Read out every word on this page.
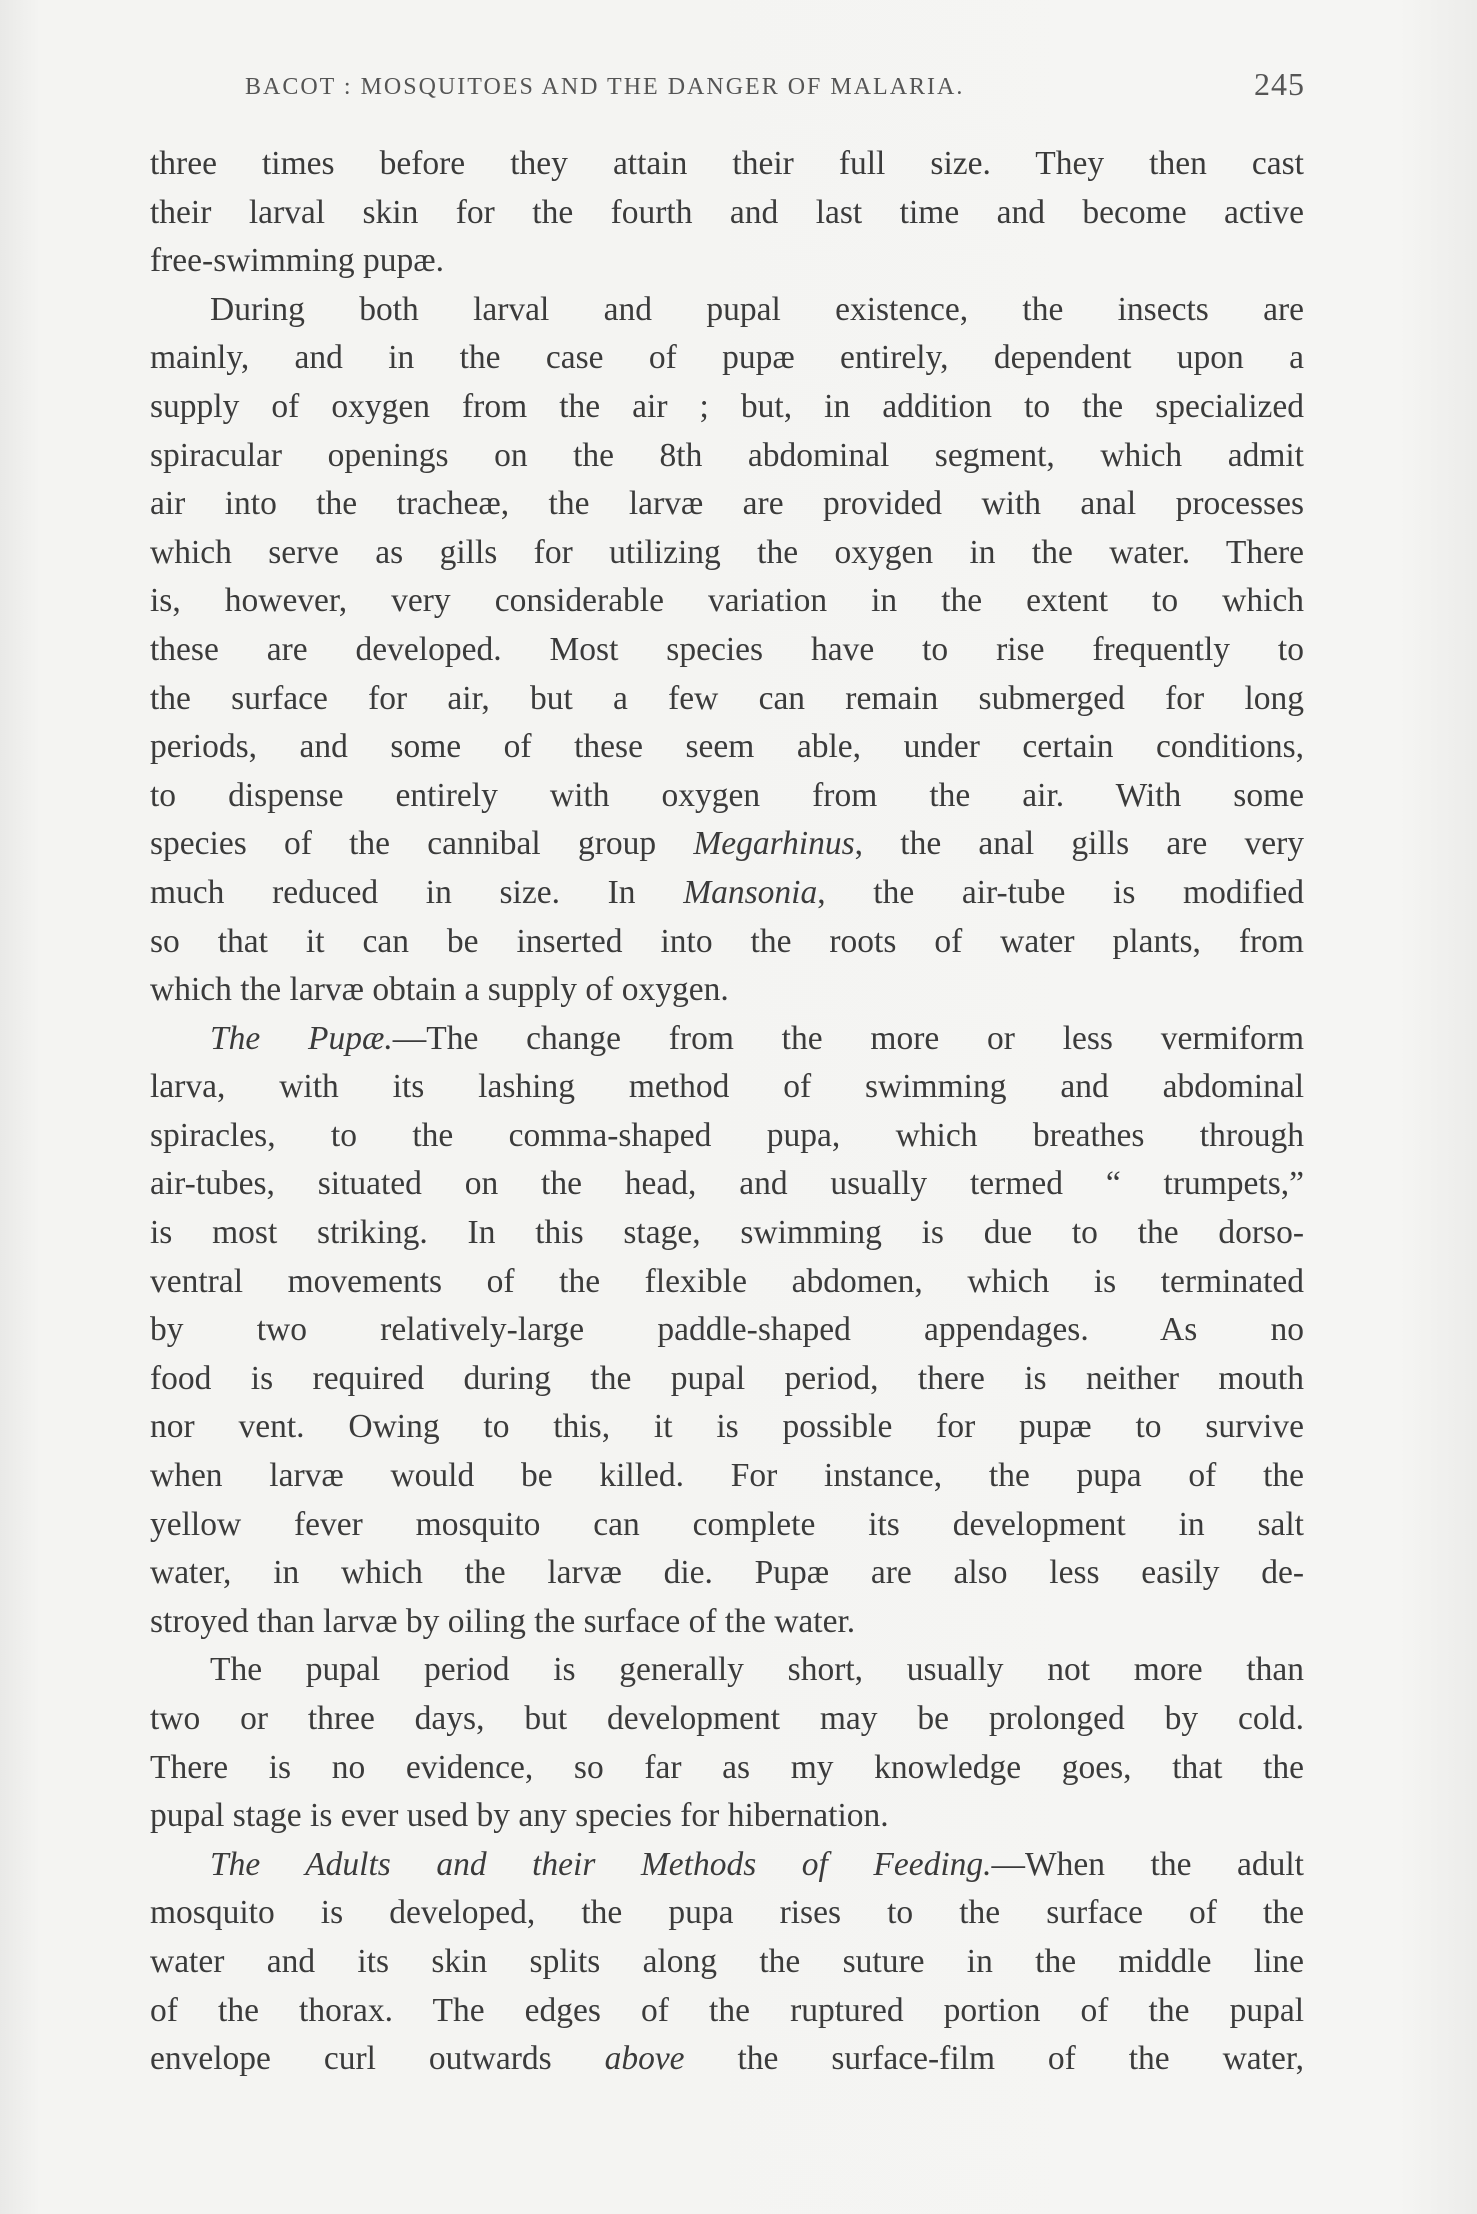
BACOT : MOSQUITOES AND THE DANGER OF MALARIA.	245
three times before they attain their full size. They then cast
their larval skin for the fourth and last time and become active
free-swimming pupæ.
During both larval and pupal existence, the insects are
mainly, and in the case of pupæ entirely, dependent upon a
supply of oxygen from the air ; but, in addition to the specialized
spiracular openings on the 8th abdominal segment, which admit
air into the tracheæ, the larvæ are provided with anal processes
which serve as gills for utilizing the oxygen in the water. There
is, however, very considerable variation in the extent to which
these are developed. Most species have to rise frequently to
the surface for air, but a few can remain submerged for long
periods, and some of these seem able, under certain conditions,
to dispense entirely with oxygen from the air. With some
species of the cannibal group Megarhinus, the anal gills are very
much reduced in size. In Mansonia, the air-tube is modified
so that it can be inserted into the roots of water plants, from
which the larvæ obtain a supply of oxygen.
The Pupæ.—The change from the more or less vermiform
larva, with its lashing method of swimming and abdominal
spiracles, to the comma-shaped pupa, which breathes through
air-tubes, situated on the head, and usually termed “ trumpets,”
is most striking. In this stage, swimming is due to the dorso-
ventral movements of the flexible abdomen, which is terminated
by two relatively-large paddle-shaped appendages. As no
food is required during the pupal period, there is neither mouth
nor vent. Owing to this, it is possible for pupæ to survive
when larvæ would be killed. For instance, the pupa of the
yellow fever mosquito can complete its development in salt
water, in which the larvæ die. Pupæ are also less easily de-
stroyed than larvæ by oiling the surface of the water.
The pupal period is generally short, usually not more than
two or three days, but development may be prolonged by cold.
There is no evidence, so far as my knowledge goes, that the
pupal stage is ever used by any species for hibernation.
The Adults and their Methods of Feeding.—When the adult
mosquito is developed, the pupa rises to the surface of the
water and its skin splits along the suture in the middle line
of the thorax. The edges of the ruptured portion of the pupal
envelope curl outwards above the surface-film of the water,
